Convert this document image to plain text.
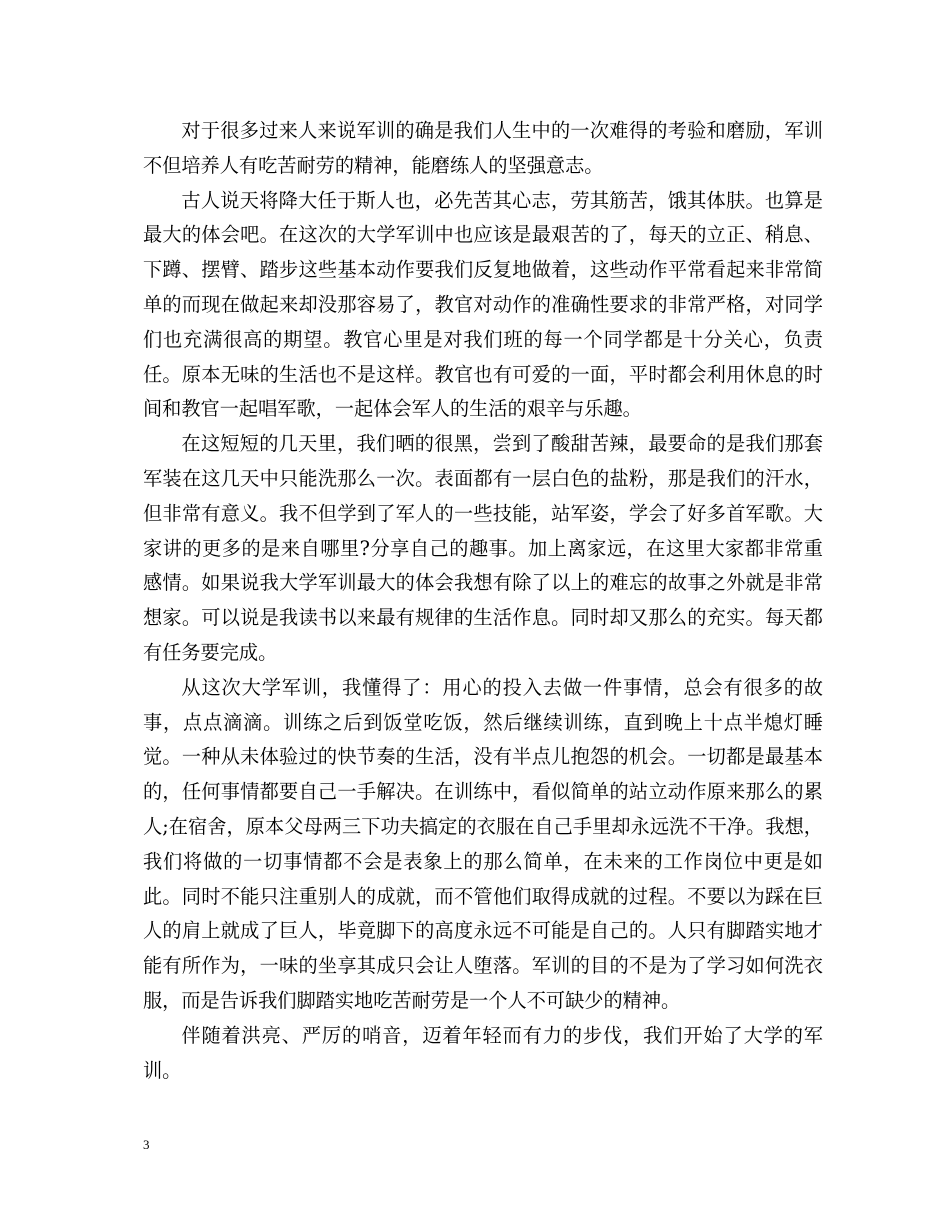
对于很多过来人来说军训的确是我们人生中的一次难得的考验和磨励，军训不但培养人有吃苦耐劳的精神，能磨练人的坚强意志。

古人说天将降大任于斯人也，必先苦其心志，劳其筋苦，饿其体肤。也算是最大的体会吧。在这次的大学军训中也应该是最艰苦的了，每天的立正、稍息、下蹲、摆臂、踏步这些基本动作要我们反复地做着，这些动作平常看起来非常简单的而现在做起来却没那容易了，教官对动作的准确性要求的非常严格，对同学们也充满很高的期望。教官心里是对我们班的每一个同学都是十分关心，负责任。原本无味的生活也不是这样。教官也有可爱的一面，平时都会利用休息的时间和教官一起唱军歌，一起体会军人的生活的艰辛与乐趣。

在这短短的几天里，我们晒的很黑，尝到了酸甜苦辣，最要命的是我们那套军装在这几天中只能洗那么一次。表面都有一层白色的盐粉，那是我们的汗水，但非常有意义。我不但学到了军人的一些技能，站军姿，学会了好多首军歌。大家讲的更多的是来自哪里?分享自己的趣事。加上离家远，在这里大家都非常重感情。如果说我大学军训最大的体会我想有除了以上的难忘的故事之外就是非常想家。可以说是我读书以来最有规律的生活作息。同时却又那么的充实。每天都有任务要完成。

从这次大学军训，我懂得了：用心的投入去做一件事情，总会有很多的故事，点点滴滴。训练之后到饭堂吃饭，然后继续训练，直到晚上十点半熄灯睡觉。一种从未体验过的快节奏的生活，没有半点儿抱怨的机会。一切都是最基本的，任何事情都要自己一手解决。在训练中，看似简单的站立动作原来那么的累人;在宿舍，原本父母两三下功夫搞定的衣服在自己手里却永远洗不干净。我想，我们将做的一切事情都不会是表象上的那么简单，在未来的工作岗位中更是如此。同时不能只注重别人的成就，而不管他们取得成就的过程。不要以为踩在巨人的肩上就成了巨人，毕竟脚下的高度永远不可能是自己的。人只有脚踏实地才能有所作为，一味的坐享其成只会让人堕落。军训的目的不是为了学习如何洗衣服，而是告诉我们脚踏实地吃苦耐劳是一个人不可缺少的精神。

伴随着洪亮、严厉的哨音，迈着年轻而有力的步伐，我们开始了大学的军训。

3
